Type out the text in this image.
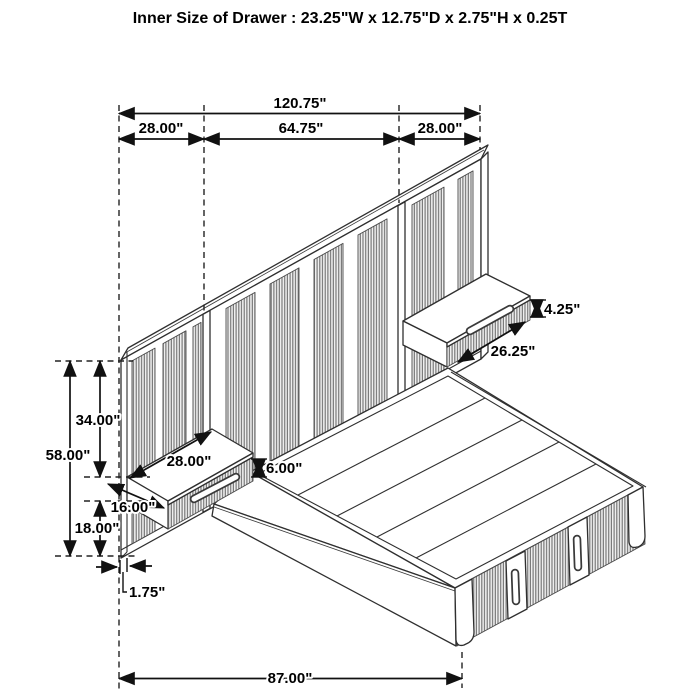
Inner Size of Drawer : 23.25"W x 12.75"D x 2.75"H x 0.25T
120.75"
28.00"	64.75"	28.00"
4.25"
26.25"
34.00"
58.00"	28.00"	6.00"
16.00"
18.00"
1.75"
87.00"
